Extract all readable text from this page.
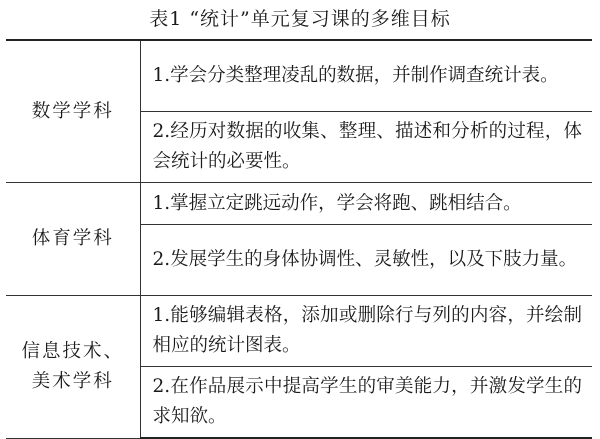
表1 “统计”单元复习课的多维目标
数学学科	1.学会分类整理凌乱的数据，并制作调查统计表。
	2.经历对数据的收集、整理、描述和分析的过程，体会统计的必要性。

体育学科	1.掌握立定跳远动作，学会将跑、跳相结合。
	2.发展学生的身体协调性、灵敏性，以及下肢力量。

信息技术、
美术学科	1.能够编辑表格，添加或删除行与列的内容，并绘制相应的统计图表。
	2.在作品展示中提高学生的审美能力，并激发学生的求知欲。
